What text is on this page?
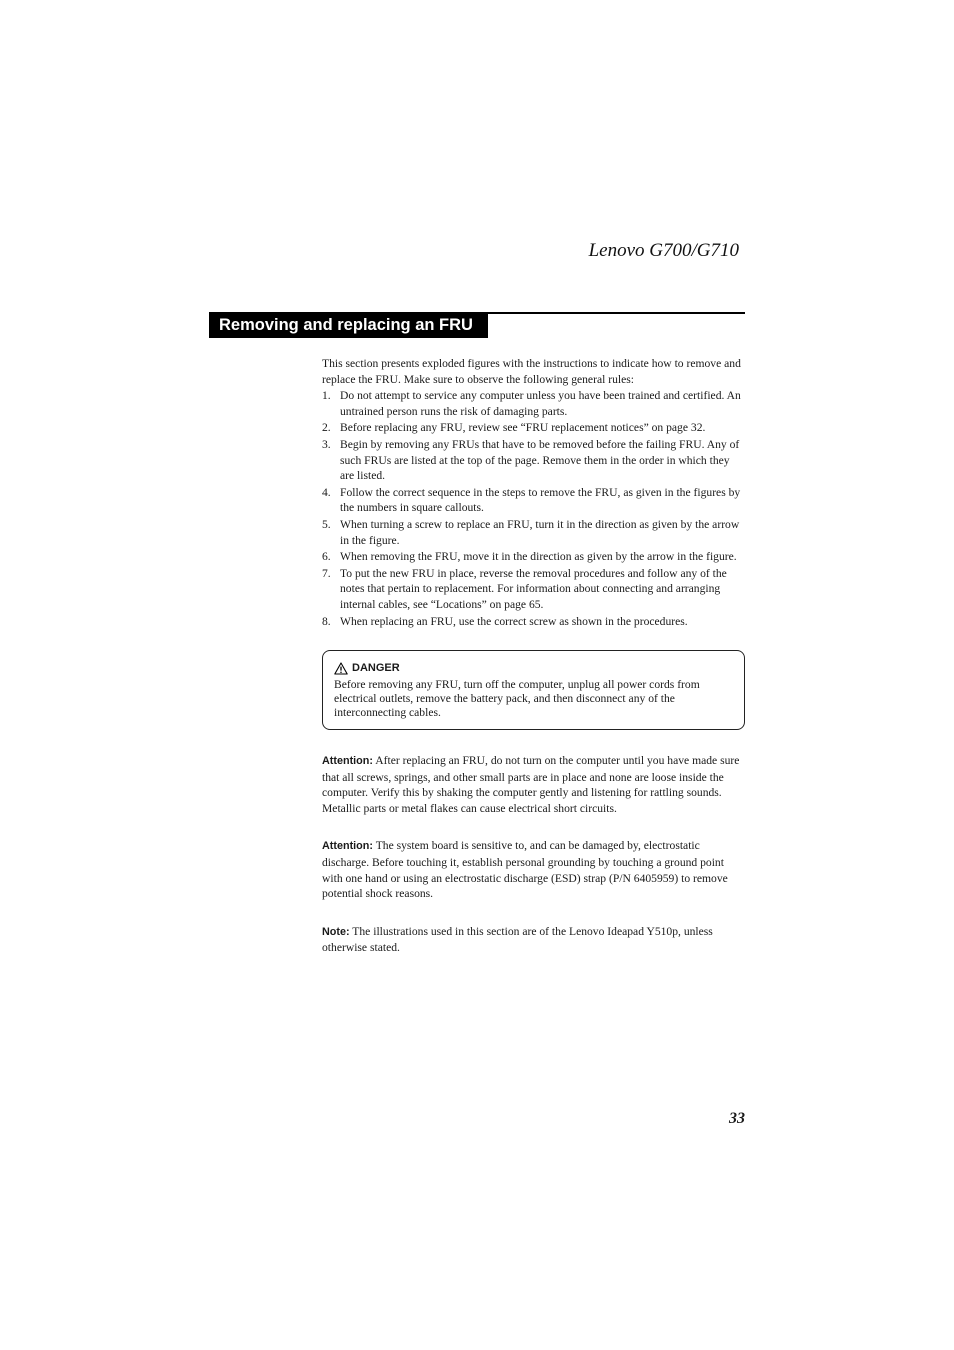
Lenovo G700/G710
Removing and replacing an FRU

This section presents exploded figures with the instructions to indicate how to remove and replace the FRU. Make sure to observe the following general rules:

1. Do not attempt to service any computer unless you have been trained and certified. An untrained person runs the risk of damaging parts.
2. Before replacing any FRU, review see “FRU replacement notices” on page 32.
3. Begin by removing any FRUs that have to be removed before the failing FRU. Any of such FRUs are listed at the top of the page. Remove them in the order in which they are listed.
4. Follow the correct sequence in the steps to remove the FRU, as given in the figures by the numbers in square callouts.
5. When turning a screw to replace an FRU, turn it in the direction as given by the arrow in the figure.
6. When removing the FRU, move it in the direction as given by the arrow in the figure.
7. To put the new FRU in place, reverse the removal procedures and follow any of the notes that pertain to replacement. For information about connecting and arranging internal cables, see “Locations” on page 65.
8. When replacing an FRU, use the correct screw as shown in the procedures.
DANGER

Before removing any FRU, turn off the computer, unplug all power cords from electrical outlets, remove the battery pack, and then disconnect any of the interconnecting cables.

Attention: After replacing an FRU, do not turn on the computer until you have made sure that all screws, springs, and other small parts are in place and none are loose inside the computer. Verify this by shaking the computer gently and listening for rattling sounds. Metallic parts or metal flakes can cause electrical short circuits.

Attention: The system board is sensitive to, and can be damaged by, electrostatic discharge. Before touching it, establish personal grounding by touching a ground point with one hand or using an electrostatic discharge (ESD) strap (P/N 6405959) to remove potential shock reasons.

Note: The illustrations used in this section are of the Lenovo Ideapad Y510p, unless otherwise stated.

33
